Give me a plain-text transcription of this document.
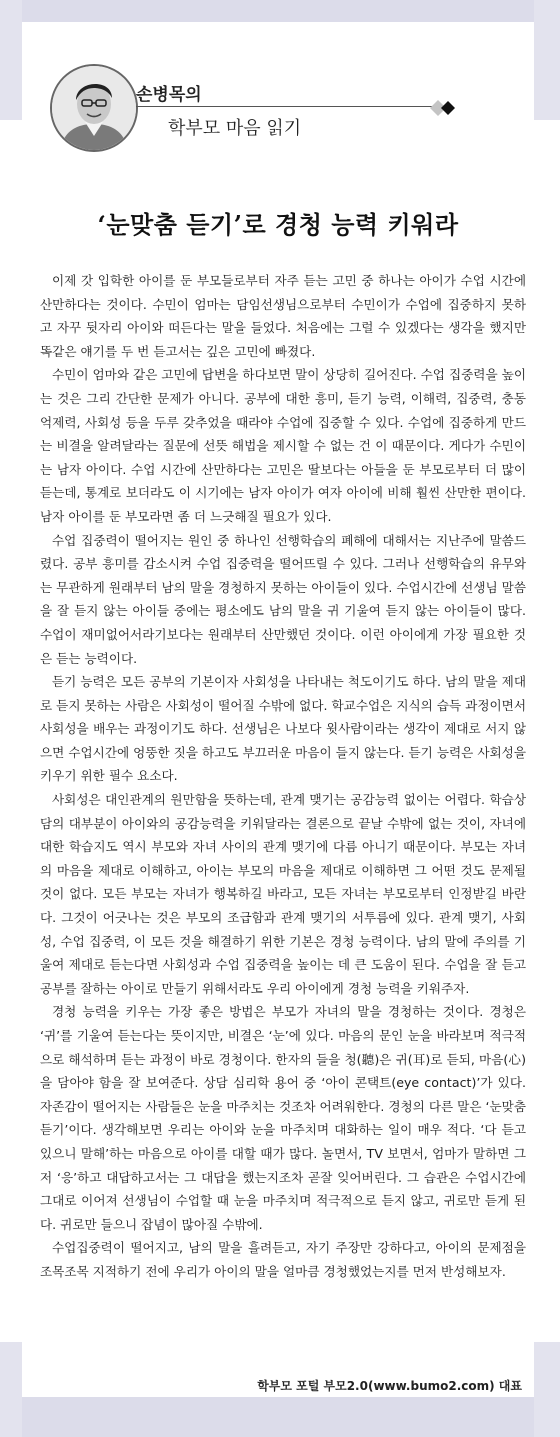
손병목의
학부모 마음 읽기
‘눈맞춤 듣기’로 경청 능력 키워라

이제 갓 입학한 아이를 둔 부모들로부터 자주 듣는 고민 중 하나는 아이가 수업 시간에 산만하다는 것이다. 수민이 엄마는 담임선생님으로부터 수민이가 수업에 집중하지 못하고 자꾸 뒷자리 아이와 떠든다는 말을 들었다. 처음에는 그럴 수 있겠다는 생각을 했지만 똑같은 얘기를 두 번 듣고서는 깊은 고민에 빠졌다.

수민이 엄마와 같은 고민에 답변을 하다보면 말이 상당히 길어진다. 수업 집중력을 높이는 것은 그리 간단한 문제가 아니다. 공부에 대한 흥미, 듣기 능력, 이해력, 집중력, 충동 억제력, 사회성 등을 두루 갖추었을 때라야 수업에 집중할 수 있다. 수업에 집중하게 만드는 비결을 알려달라는 질문에 선뜻 해법을 제시할 수 없는 건 이 때문이다. 게다가 수민이는 남자 아이다. 수업 시간에 산만하다는 고민은 딸보다는 아들을 둔 부모로부터 더 많이 듣는데, 통계로 보더라도 이 시기에는 남자 아이가 여자 아이에 비해 훨씬 산만한 편이다. 남자 아이를 둔 부모라면 좀 더 느긋해질 필요가 있다.

수업 집중력이 떨어지는 원인 중 하나인 선행학습의 폐해에 대해서는 지난주에 말씀드렸다. 공부 흥미를 감소시켜 수업 집중력을 떨어뜨릴 수 있다. 그러나 선행학습의 유무와는 무관하게 원래부터 남의 말을 경청하지 못하는 아이들이 있다. 수업시간에 선생님 말씀을 잘 듣지 않는 아이들 중에는 평소에도 남의 말을 귀 기울여 듣지 않는 아이들이 많다. 수업이 재미없어서라기보다는 원래부터 산만했던 것이다. 이런 아이에게 가장 필요한 것은 듣는 능력이다.

듣기 능력은 모든 공부의 기본이자 사회성을 나타내는 척도이기도 하다. 남의 말을 제대로 듣지 못하는 사람은 사회성이 떨어질 수밖에 없다. 학교수업은 지식의 습득 과정이면서 사회성을 배우는 과정이기도 하다. 선생님은 나보다 윗사람이라는 생각이 제대로 서지 않으면 수업시간에 엉뚱한 짓을 하고도 부끄러운 마음이 들지 않는다. 듣기 능력은 사회성을 키우기 위한 필수 요소다.

사회성은 대인관계의 원만함을 뜻하는데, 관계 맺기는 공감능력 없이는 어렵다. 학습상담의 대부분이 아이와의 공감능력을 키워달라는 결론으로 끝날 수밖에 없는 것이, 자녀에 대한 학습지도 역시 부모와 자녀 사이의 관계 맺기에 다름 아니기 때문이다. 부모는 자녀의 마음을 제대로 이해하고, 아이는 부모의 마음을 제대로 이해하면 그 어떤 것도 문제될 것이 없다. 모든 부모는 자녀가 행복하길 바라고, 모든 자녀는 부모로부터 인정받길 바란다. 그것이 어긋나는 것은 부모의 조급함과 관계 맺기의 서투름에 있다. 관계 맺기, 사회성, 수업 집중력, 이 모든 것을 해결하기 위한 기본은 경청 능력이다. 남의 말에 주의를 기울여 제대로 듣는다면 사회성과 수업 집중력을 높이는 데 큰 도움이 된다. 수업을 잘 듣고 공부를 잘하는 아이로 만들기 위해서라도 우리 아이에게 경청 능력을 키워주자.

경청 능력을 키우는 가장 좋은 방법은 부모가 자녀의 말을 경청하는 것이다. 경청은 ‘귀’를 기울여 듣는다는 뜻이지만, 비결은 ‘눈’에 있다. 마음의 문인 눈을 바라보며 적극적으로 해석하며 듣는 과정이 바로 경청이다. 한자의 들을 청(聽)은 귀(耳)로 듣되, 마음(心)을 담아야 함을 잘 보여준다. 상담 심리학 용어 중 ‘아이 콘택트(eye contact)’가 있다. 자존감이 떨어지는 사람들은 눈을 마주치는 것조차 어려워한다. 경청의 다른 말은 ‘눈맞춤 듣기’이다. 생각해보면 우리는 아이와 눈을 마주치며 대화하는 일이 매우 적다. ‘다 듣고 있으니 말해’하는 마음으로 아이를 대할 때가 많다. 놀면서, TV 보면서, 엄마가 말하면 그저 ‘응’하고 대답하고서는 그 대답을 했는지조차 곧잘 잊어버린다. 그 습관은 수업시간에 그대로 이어져 선생님이 수업할 때 눈을 마주치며 적극적으로 듣지 않고, 귀로만 듣게 된다. 귀로만 들으니 잡념이 많아질 수밖에.

수업집중력이 떨어지고, 남의 말을 흘려듣고, 자기 주장만 강하다고, 아이의 문제점을 조목조목 지적하기 전에 우리가 아이의 말을 얼마큼 경청했었는지를 먼저 반성해보자.

학부모 포털 부모2.0(www.bumo2.com) 대표
